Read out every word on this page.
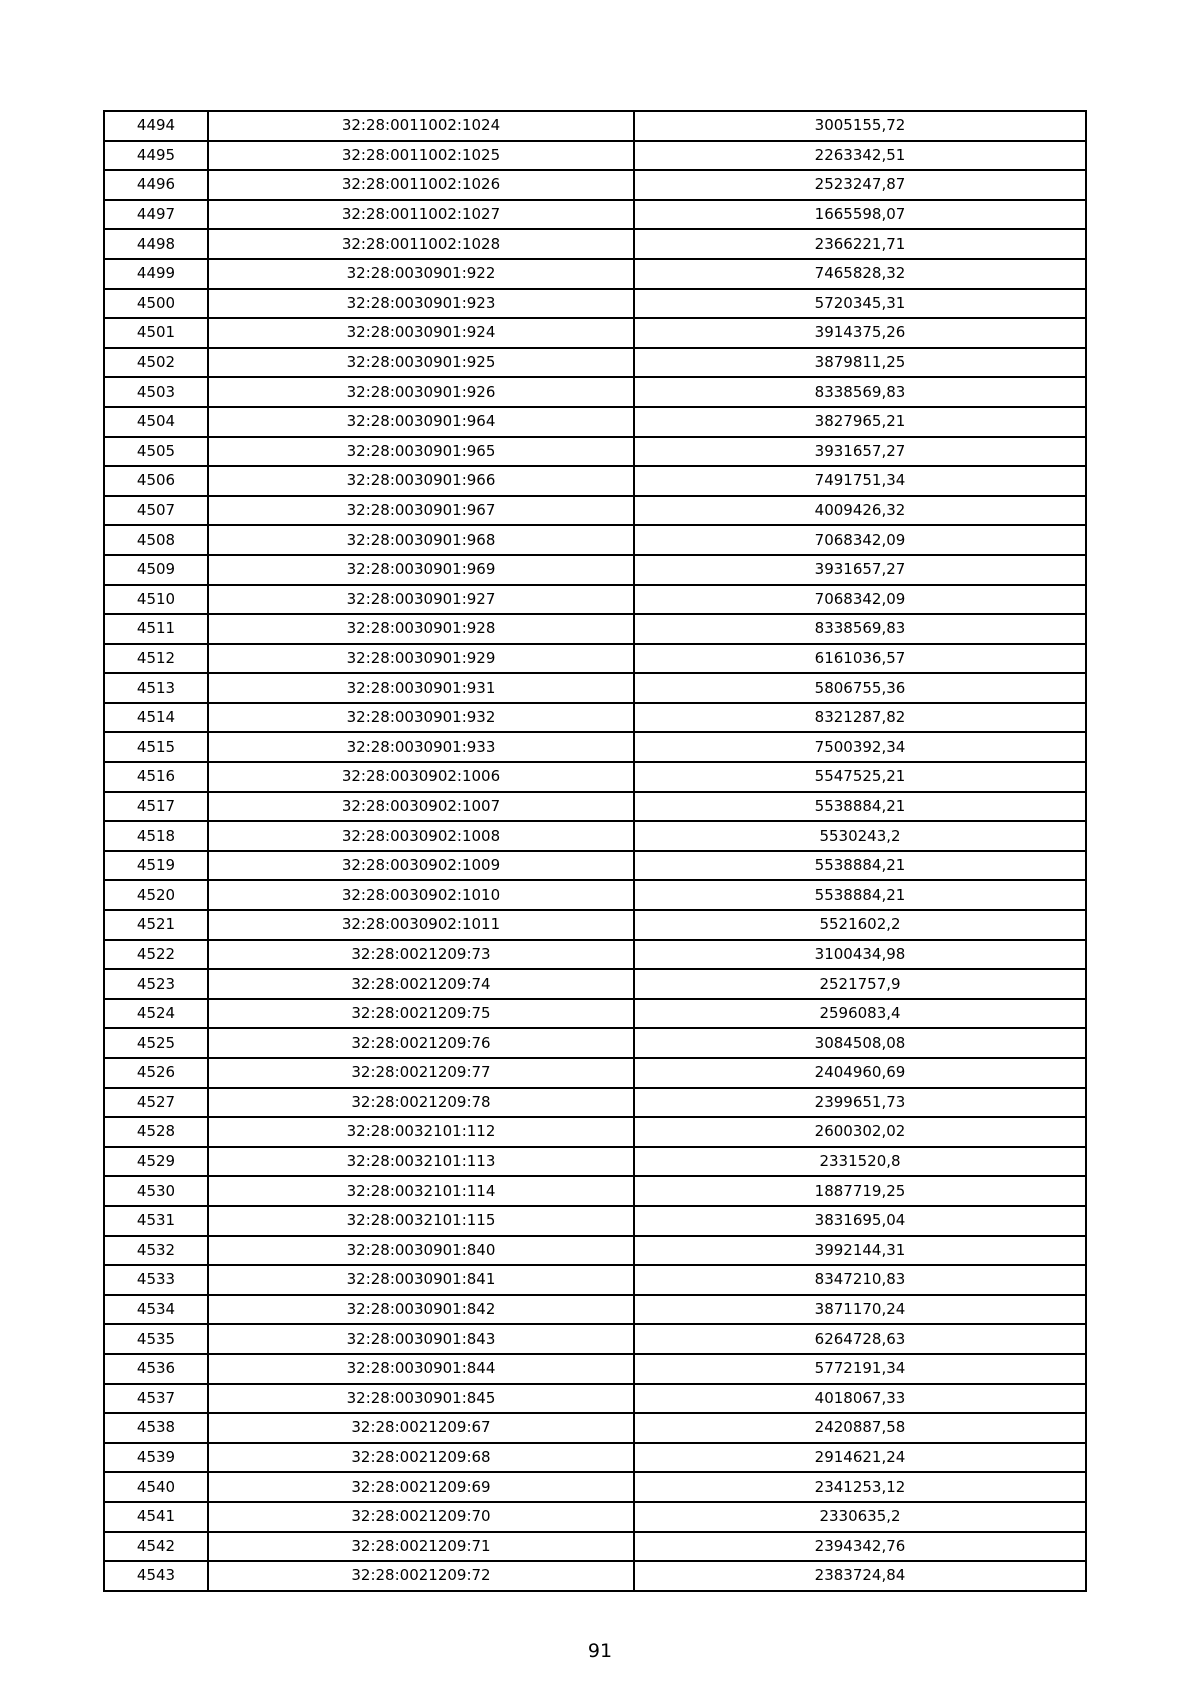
4494	32:28:0011002:1024	3005155,72
4495	32:28:0011002:1025	2263342,51
4496	32:28:0011002:1026	2523247,87
4497	32:28:0011002:1027	1665598,07
4498	32:28:0011002:1028	2366221,71
4499	32:28:0030901:922	7465828,32
4500	32:28:0030901:923	5720345,31
4501	32:28:0030901:924	3914375,26
4502	32:28:0030901:925	3879811,25
4503	32:28:0030901:926	8338569,83
4504	32:28:0030901:964	3827965,21
4505	32:28:0030901:965	3931657,27
4506	32:28:0030901:966	7491751,34
4507	32:28:0030901:967	4009426,32
4508	32:28:0030901:968	7068342,09
4509	32:28:0030901:969	3931657,27
4510	32:28:0030901:927	7068342,09
4511	32:28:0030901:928	8338569,83
4512	32:28:0030901:929	6161036,57
4513	32:28:0030901:931	5806755,36
4514	32:28:0030901:932	8321287,82
4515	32:28:0030901:933	7500392,34
4516	32:28:0030902:1006	5547525,21
4517	32:28:0030902:1007	5538884,21
4518	32:28:0030902:1008	5530243,2
4519	32:28:0030902:1009	5538884,21
4520	32:28:0030902:1010	5538884,21
4521	32:28:0030902:1011	5521602,2
4522	32:28:0021209:73	3100434,98
4523	32:28:0021209:74	2521757,9
4524	32:28:0021209:75	2596083,4
4525	32:28:0021209:76	3084508,08
4526	32:28:0021209:77	2404960,69
4527	32:28:0021209:78	2399651,73
4528	32:28:0032101:112	2600302,02
4529	32:28:0032101:113	2331520,8
4530	32:28:0032101:114	1887719,25
4531	32:28:0032101:115	3831695,04
4532	32:28:0030901:840	3992144,31
4533	32:28:0030901:841	8347210,83
4534	32:28:0030901:842	3871170,24
4535	32:28:0030901:843	6264728,63
4536	32:28:0030901:844	5772191,34
4537	32:28:0030901:845	4018067,33
4538	32:28:0021209:67	2420887,58
4539	32:28:0021209:68	2914621,24
4540	32:28:0021209:69	2341253,12
4541	32:28:0021209:70	2330635,2
4542	32:28:0021209:71	2394342,76
4543	32:28:0021209:72	2383724,84
91
